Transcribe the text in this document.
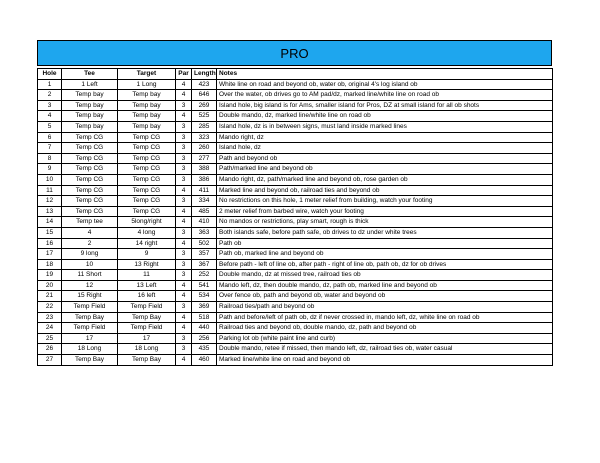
PRO
Hole	Tee	Target	Par	Length	Notes
1	1 Left	1 Long	4	423	White line on road and beyond ob, water ob, original 4's log island ob
2	Temp bay	Temp bay	4	646	Over the water, ob drives go to AM pad/dz, marked line/white line on road ob
3	Temp bay	Temp bay	3	269	Island hole, big island is for Ams, smaller island for Pros, DZ at small island for all ob shots
4	Temp bay	Temp bay	4	525	Double mando, dz, marked line/white line on road ob
5	Temp bay	Temp bay	3	285	Island hole, dz is in between signs, must land inside marked lines
6	Temp CG	Temp CG	3	323	Mando right, dz
7	Temp CG	Temp CG	3	260	Island hole, dz
8	Temp CG	Temp CG	3	277	Path and beyond ob
9	Temp CG	Temp CG	3	388	Path/marked line and beyond ob
10	Temp CG	Temp CG	3	386	Mando right, dz, path/marked line and beyond ob, rose garden ob
11	Temp CG	Temp CG	4	411	Marked line and beyond ob, railroad ties and beyond ob
12	Temp CG	Temp CG	3	334	No restrictions on this hole, 1 meter relief from building, watch your footing
13	Temp CG	Temp CG	4	485	2 meter relief from barbed wire, watch your footing
14	Temp tee	5long/right	4	410	No mandos or restrictions, play smart, rough is thick
15	4	4 long	3	363	Both islands safe, before path safe, ob drives to dz under white trees
16	2	14 right	4	502	Path ob
17	9 long	9	3	357	Path ob, marked line and beyond ob
18	10	13 Right	3	367	Before path - left of line ob, after path - right of line ob, path ob, dz for ob drives
19	11 Short	11	3	252	Double mando, dz at missed tree, railroad ties ob
20	12	13 Left	4	541	Mando left, dz, then double mando, dz, path ob, marked line and beyond ob
21	15 Right	16 left	4	534	Over fence ob, path and beyond ob, water and beyond ob
22	Temp Field	Temp Field	3	369	Railroad ties/path and beyond ob
23	Temp Bay	Temp Bay	4	518	Path and before/left of path ob, dz if never crossed in, mando left, dz, white line on road ob
24	Temp Field	Temp Field	4	440	Railroad ties and beyond ob, double mando, dz, path and beyond ob
25	17	17	3	256	Parking lot ob (white paint line and curb)
26	18 Long	18 Long	3	435	Double mando, retee if missed, then mando left, dz, railroad ties ob, water casual
27	Temp Bay	Temp Bay	4	460	Marked line/white line on road and beyond ob
